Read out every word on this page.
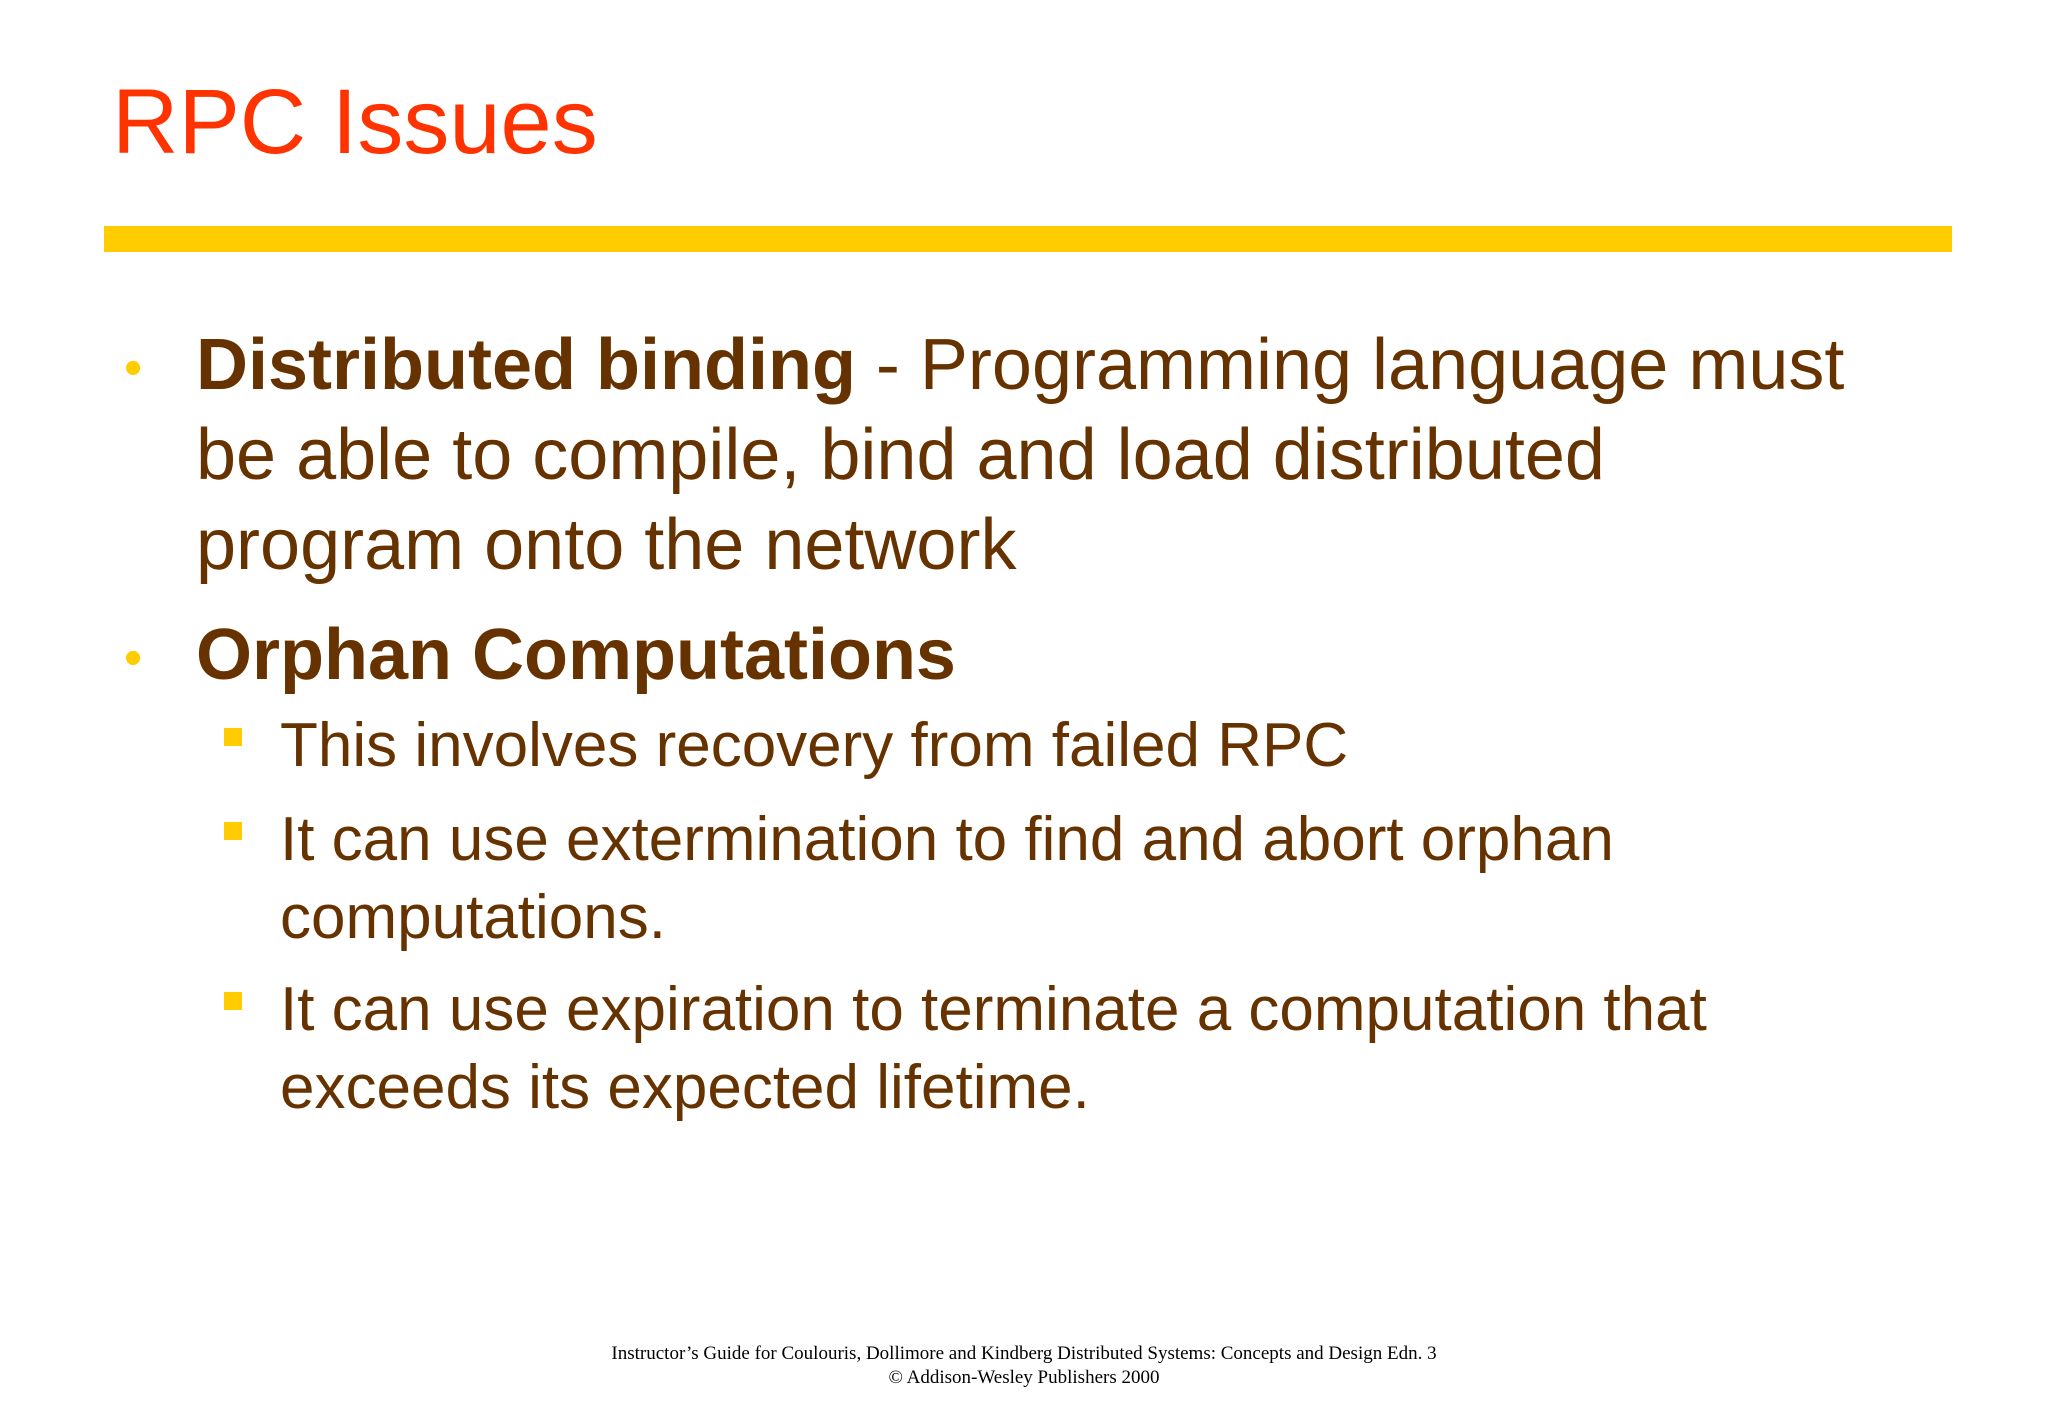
RPC Issues
• Distributed binding - Programming language must
be able to compile, bind and load distributed
program onto the network
• Orphan Computations
This involves recovery from failed RPC
It can use extermination to find and abort orphan
computations.
It can use expiration to terminate a computation that
exceeds its expected lifetime.
Instructor’s Guide for Coulouris, Dollimore and Kindberg Distributed Systems: Concepts and Design Edn. 3
© Addison-Wesley Publishers 2000
